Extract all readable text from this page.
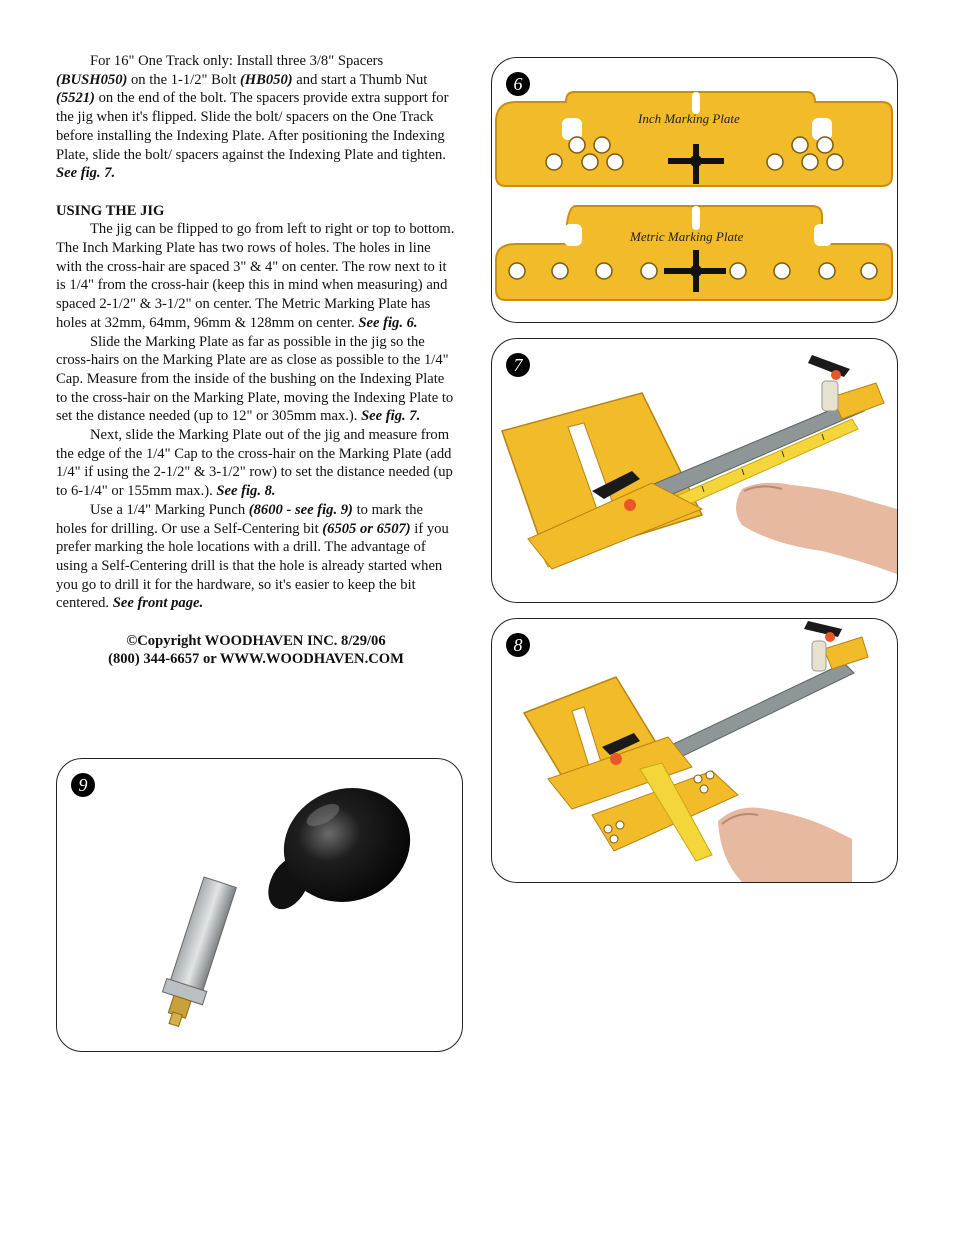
For 16" One Track only: Install three 3/8" Spacers (BUSH050) on the 1-1/2" Bolt (HB050) and start a Thumb Nut (5521) on the end of the bolt. The spacers provide extra support for the jig when it's flipped. Slide the bolt/ spacers on the One Track before installing the Indexing Plate. After positioning the Indexing Plate, slide the bolt/ spacers against the Indexing Plate and tighten. See fig. 7.

USING THE JIG

The jig can be flipped to go from left to right or top to bottom. The Inch Marking Plate has two rows of holes. The holes in line with the cross-hair are spaced 3" & 4" on center. The row next to it is 1/4" from the cross-hair (keep this in mind when measuring) and spaced 2-1/2" & 3-1/2" on center. The Metric Marking Plate has holes at 32mm, 64mm, 96mm & 128mm on center. See fig. 6.

Slide the Marking Plate as far as possible in the jig so the cross-hairs on the Marking Plate are as close as possible to the 1/4" Cap. Measure from the inside of the bushing on the Indexing Plate to the cross-hair on the Marking Plate, moving the Indexing Plate to set the distance needed (up to 12" or 305mm max.). See fig. 7.

Next, slide the Marking Plate out of the jig and measure from the edge of the 1/4" Cap to the cross-hair on the Marking Plate (add 1/4" if using the 2-1/2" & 3-1/2" row) to set the distance needed (up to 6-1/4" or 155mm max.). See fig. 8.

Use a 1/4" Marking Punch (8600 - see fig. 9) to mark the holes for drilling. Or use a Self-Centering bit (6505 or 6507) if you prefer marking the hole locations with a drill. The advantage of using a Self-Centering drill is that the hole is already started when you go to drill it for the hardware, so it's easier to keep the bit centered. See front page.

©Copyright WOODHAVEN INC. 8/29/06
(800) 344-6657 or WWW.WOODHAVEN.COM

6
Inch Marking Plate
Metric Marking Plate
7
8
9
